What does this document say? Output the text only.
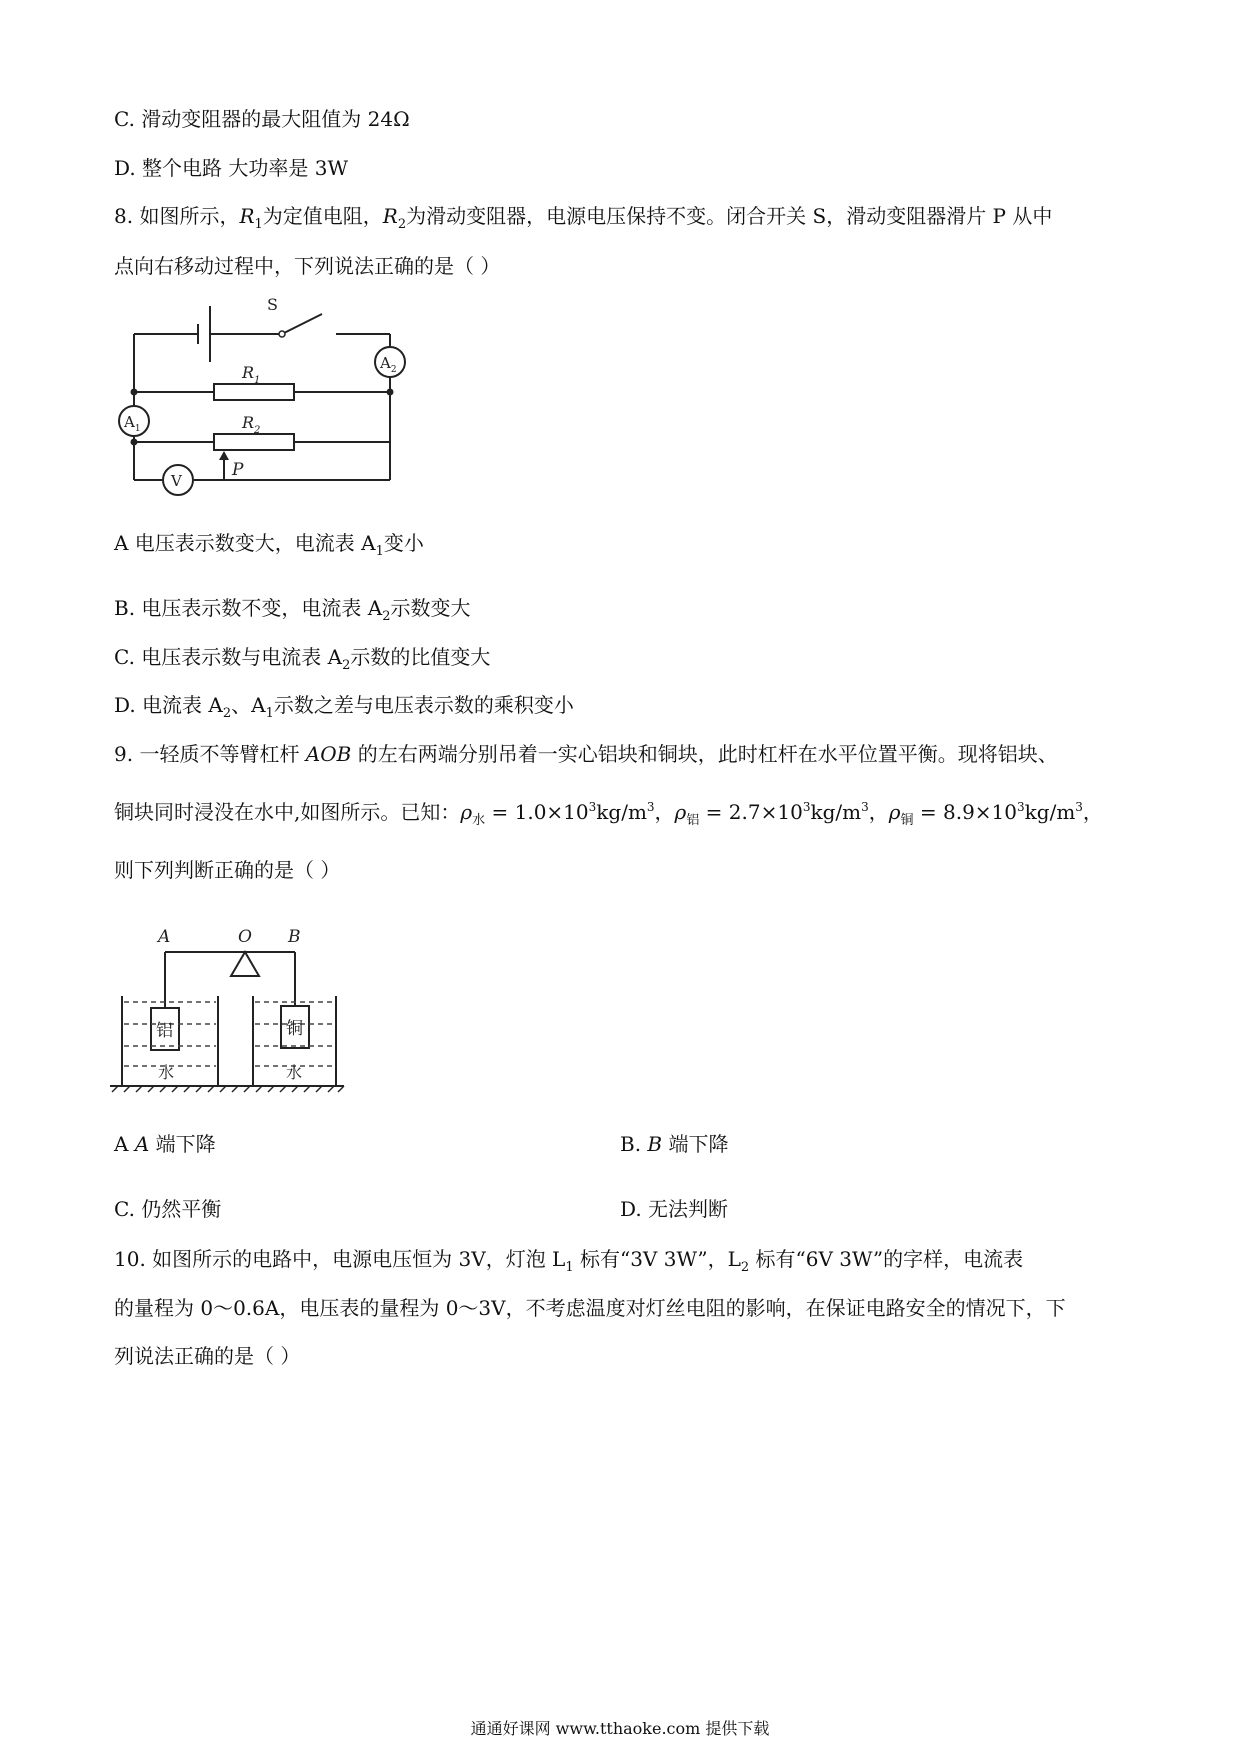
C. 滑动变阻器的最大阻值为 24Ω
D. 整个电路 大功率是 3W
8. 如图所示，$R_1$为定值电阻，$R_2$为滑动变阻器，电源电压保持不变。闭合开关 S，滑动变阻器滑片 P 从中
点向右移动过程中，下列说法正确的是（ ）
S
$A_2$
$A_1$
$R_1$
$R_2$
V
P
A 电压表示数变大，电流表 $A_1$变小
B. 电压表示数不变，电流表 $A_2$示数变大
C. 电压表示数与电流表 $A_2$示数的比值变大
D. 电流表 $A_2$、$A_1$示数之差与电压表示数的乘积变小
9. 一轻质不等臂杠杆 AOB 的左右两端分别吊着一实心铝块和铜块，此时杠杆在水平位置平衡。现将铝块、
铜块同时浸没在水中,如图所示。已知：$\rho_水 = 1.0\times 10^3kg/m^3$，$\rho_铝 = 2.7\times 10^3kg/m^3$，$\rho_铜 = 8.9\times 10^3kg/m^3$，
则下列判断正确的是（ ）
A	O B
铝	铜
水	水
A A 端下降	B. B 端下降
C. 仍然平衡	D. 无法判断
10. 如图所示的电路中，电源电压恒为 3V，灯泡 $L_1$ 标有“3V 3W”，$L_2$ 标有“6V 3W”的字样，电流表
的量程为 0～0.6A，电压表的量程为 0～3V，不考虑温度对灯丝电阻的影响，在保证电路安全的情况下，下
列说法正确的是（ ）
通通好课网 www.tthaoke.com 提供下载
